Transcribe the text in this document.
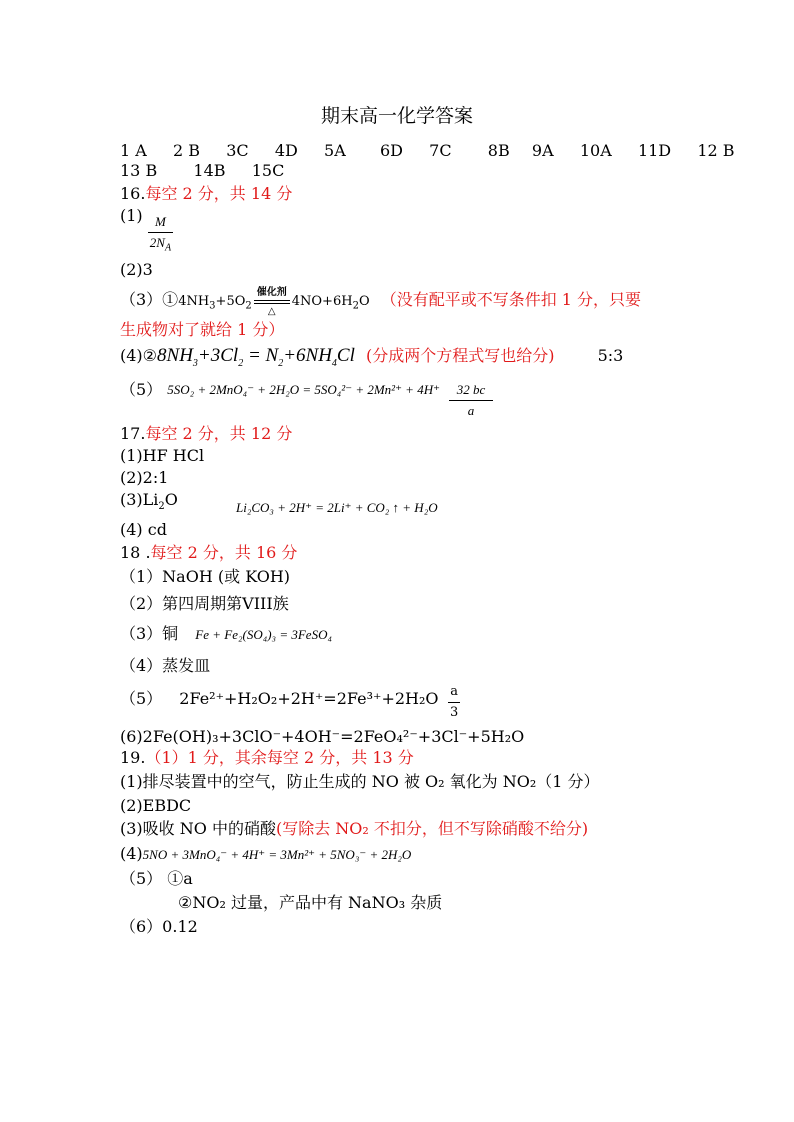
期末高一化学答案
1 A 2 B 3C 4D 5A 6D 7C 8B 9A 10A 11D 12 B
13 B 14B 15C
16.每空 2 分，共 14 分
$(1) \frac{M}{2N_A}$
(2)3
$(3)①4NH_3+5O_2$
催化剂
△
$4NO+6H_2O$ （没有配平或不写条件扣 1 分，只要
生成物对了就给 1 分）
$(4)②8NH_3+3Cl_2 = N_2+6NH_4Cl$ (分成两个方程式写也给分)	5:3
（5） $^{5SO_2 + 2MnO_4^- + 2H_2O = 5SO_4^{2-} + 2Mn^{2+} + 4H^+} \frac{32 bc}{a}$
17.每空 2 分，共 12 分
(1)HF HCl
(2)2:1
$(3)Li_2O$	Li₂CO₃ + 2H⁺ = 2Li⁺ + CO₂ ↑ + H₂O
(4) cd
18 .每空 2 分，共 16 分
（1）NaOH (或 KOH)
（2）第四周期第VIII族
（3）铜 Fe + Fe₂(SO₄)₃ = 3FeSO₄
（4）蒸发皿
（5） $2Fe^{2+}+H_2O_2+2H^+=2Fe^{3+}+2H_2O \frac{a}{3}$
(6)2Fe(OH)₃+3ClO⁻+4OH⁻=2FeO₄²⁻+3Cl⁻+5H₂O
19.（1）1 分，其余每空 2 分，共 13 分
(1)排尽装置中的空气，防止生成的 NO 被 O₂ 氧化为 NO₂（1 分）
(2)EBDC
(3)吸收 NO 中的硝酸(写除去 NO₂ 不扣分，但不写除硝酸不给分)
(4)5NO + 3MnO₄⁻ + 4H⁺ = 3Mn²⁺ + 5NO₃⁻ + 2H₂O
（5） ①a
②NO₂ 过量，产品中有 NaNO₃ 杂质
（6）0.12
